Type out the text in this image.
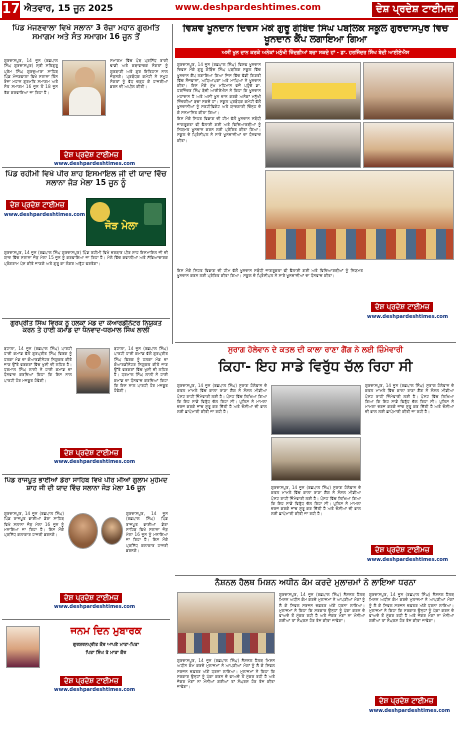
17 ਐਤਵਾਰ, 15 ਜੂਨ 2025	www.deshpardeshtimes.com	ਦੇਸ਼ ਪ੍ਰਦੇਸ਼ ਟਾਈਮਜ਼
ਪਿੰਡ ਮੰਜਣਵਾਲਾ ਵਿਖੇ ਸਲਾਨਾ 3 ਰੋਜ਼ਾ ਮਹਾਨ ਗੁਰਮਤਿ ਸਮਾਗਮ ਅਤੇ ਸੰਤ ਸਮਾਗਮ 16 ਜੂਨ ਤੋਂ

ਗੁਰਦਾਸਪੁਰ, 14 ਜੂਨ (ਰਛਪਾਲ ਸਿੰਘ ਗੁਰਦਾਸਪੁਰ) ਸ਼੍ਰੀ ਸਤਿਗੁਰੂ ਪ੍ਰੇਮ ਸਿੰਘ ਗੁਰਦੁਆਰਾ ਸਾਹਿਬ ਪਿੰਡ ਮੰਜਣਵਾਲਾ ਵਿਖੇ ਸਲਾਨਾ ਤਿੰਨ ਰੋਜ਼ਾ ਮਹਾਨ ਗੁਰਮਤਿ ਸਮਾਗਮ ਅਤੇ ਸੰਤ ਸਮਾਗਮ 16 ਜੂਨ ਤੋਂ 18 ਜੂਨ ਤੱਕ ਕਰਵਾਇਆ ਜਾ ਰਿਹਾ ਹੈ।

ਸਮਾਗਮ ਵਿੱਚ ਪੰਥ ਪ੍ਰਸਿੱਧ ਰਾਗੀ ਢਾਡੀ ਅਤੇ ਕਥਾਵਾਚਕ ਸੰਗਤਾਂ ਨੂੰ ਗੁਰਬਾਣੀ ਅਤੇ ਗੁਰ ਇਤਿਹਾਸ ਨਾਲ ਜੋੜਨਗੇ। ਪ੍ਰਬੰਧਕ ਕਮੇਟੀ ਨੇ ਸਮੂਹ ਸੰਗਤਾਂ ਨੂੰ ਵੱਧ ਚੜ੍ਹ ਕੇ ਹਾਜ਼ਰੀਆਂ ਭਰਨ ਦੀ ਅਪੀਲ ਕੀਤੀ।

ਦੇਸ਼ ਪ੍ਰਦੇਸ਼ ਟਾਈਮਜ਼
www.deshpardeshtimes.com
ਪਿੰਡ ਰਹੀਮੀ ਵਿਖੇ ਪੀਰ ਸ਼ਾਹ ਇਸਮਾਇਲ ਜੀ ਦੀ ਯਾਦ ਵਿੱਚ ਸਲਾਨਾ ਜੋੜ ਮੇਲਾ 15 ਜੂਨ ਨੂੰ
ਦੇਸ਼ ਪ੍ਰਦੇਸ਼ ਟਾਈਮਜ਼
www.deshpardeshtimes.com
ਜੋੜ ਮੇਲਾ

ਗੁਰਦਾਸਪੁਰ, 14 ਜੂਨ (ਰਛਪਾਲ ਸਿੰਘ ਗੁਰਦਾਸਪੁਰ) ਪਿੰਡ ਰਹੀਮੀ ਵਿਖੇ ਦਰਬਾਰ ਪੀਰ ਸ਼ਾਹ ਇਸਮਾਇਲ ਜੀ ਦੀ ਯਾਦ ਵਿੱਚ ਸਲਾਨਾ ਜੋੜ ਮੇਲਾ 15 ਜੂਨ ਨੂੰ ਕਰਵਾਇਆ ਜਾ ਰਿਹਾ ਹੈ। ਮੇਲੇ ਵਿੱਚ ਕਵਾਲੀਆਂ ਅਤੇ ਸੱਭਿਆਚਾਰਕ ਪ੍ਰੋਗਰਾਮ ਪੇਸ਼ ਕੀਤੇ ਜਾਣਗੇ ਅਤੇ ਗੁਰੂ ਕਾ ਲੰਗਰ ਅਤੁੱਟ ਵਰਤੇਗਾ।

ਗੁਰਪ੍ਰੀਤ ਸਿੰਘ ਵਿਰਕ ਨੂੰ ਹਲਕਾ ਮੰਡ ਦਾ ਕੋਆਰਡੀਨੇਟਰ ਨਿਯੁਕਤ ਕਰਨ ਤੇ ਹਾਈ ਕਮਾਂਡ ਦਾ ਧੰਨਵਾਦ-ਧਰਮਾਲ ਸਿੰਘ ਲਾਲੀ

ਬਟਾਲਾ, 14 ਜੂਨ (ਰਛਪਾਲ ਸਿੰਘ) ਪਾਰਟੀ ਹਾਈ ਕਮਾਂਡ ਵੱਲੋਂ ਗੁਰਪ੍ਰੀਤ ਸਿੰਘ ਵਿਰਕ ਨੂੰ ਹਲਕਾ ਮੰਡ ਦਾ ਕੋਆਰਡੀਨੇਟਰ ਨਿਯੁਕਤ ਕੀਤੇ ਜਾਣ ਉੱਤੇ ਵਰਕਰਾਂ ਵਿੱਚ ਖੁਸ਼ੀ ਦੀ ਲਹਿਰ ਹੈ। ਧਰਮਾਲ ਸਿੰਘ ਲਾਲੀ ਨੇ ਹਾਈ ਕਮਾਂਡ ਦਾ ਧੰਨਵਾਦ ਕਰਦਿਆਂ ਕਿਹਾ ਕਿ ਇਸ ਨਾਲ ਪਾਰਟੀ ਹੋਰ ਮਜ਼ਬੂਤ ਹੋਵੇਗੀ।

ਬਟਾਲਾ, 14 ਜੂਨ (ਰਛਪਾਲ ਸਿੰਘ) ਪਾਰਟੀ ਹਾਈ ਕਮਾਂਡ ਵੱਲੋਂ ਗੁਰਪ੍ਰੀਤ ਸਿੰਘ ਵਿਰਕ ਨੂੰ ਹਲਕਾ ਮੰਡ ਦਾ ਕੋਆਰਡੀਨੇਟਰ ਨਿਯੁਕਤ ਕੀਤੇ ਜਾਣ ਉੱਤੇ ਵਰਕਰਾਂ ਵਿੱਚ ਖੁਸ਼ੀ ਦੀ ਲਹਿਰ ਹੈ। ਧਰਮਾਲ ਸਿੰਘ ਲਾਲੀ ਨੇ ਹਾਈ ਕਮਾਂਡ ਦਾ ਧੰਨਵਾਦ ਕਰਦਿਆਂ ਕਿਹਾ ਕਿ ਇਸ ਨਾਲ ਪਾਰਟੀ ਹੋਰ ਮਜ਼ਬੂਤ ਹੋਵੇਗੀ।

ਦੇਸ਼ ਪ੍ਰਦੇਸ਼ ਟਾਈਮਜ਼
www.deshpardeshtimes.com
ਪਿੰਡ ਰਾਜਪੂਤ ਭਾਈਆਂ ਡੇਰਾ ਸਾਹਿਬ ਵਿਖੇ ਪੀਰ ਮੀਆਂ ਗੁਲਾਮ ਮੁਹੰਮਦ ਸ਼ਾਹ ਜੀ ਦੀ ਯਾਦ ਵਿੱਚ ਸਲਾਨਾ ਜੋੜ ਮੇਲਾ 16 ਜੂਨ

ਗੁਰਦਾਸਪੁਰ, 14 ਜੂਨ (ਰਛਪਾਲ ਸਿੰਘ) ਪਿੰਡ ਰਾਜਪੂਤ ਭਾਈਆਂ ਡੇਰਾ ਸਾਹਿਬ ਵਿਖੇ ਸਲਾਨਾ ਜੋੜ ਮੇਲਾ 16 ਜੂਨ ਨੂੰ ਮਨਾਇਆ ਜਾ ਰਿਹਾ ਹੈ। ਇਸ ਮੌਕੇ ਪ੍ਰਸਿੱਧ ਕਲਾਕਾਰ ਹਾਜ਼ਰੀ ਭਰਨਗੇ।

ਗੁਰਦਾਸਪੁਰ, 14 ਜੂਨ (ਰਛਪਾਲ ਸਿੰਘ) ਪਿੰਡ ਰਾਜਪੂਤ ਭਾਈਆਂ ਡੇਰਾ ਸਾਹਿਬ ਵਿਖੇ ਸਲਾਨਾ ਜੋੜ ਮੇਲਾ 16 ਜੂਨ ਨੂੰ ਮਨਾਇਆ ਜਾ ਰਿਹਾ ਹੈ। ਇਸ ਮੌਕੇ ਪ੍ਰਸਿੱਧ ਕਲਾਕਾਰ ਹਾਜ਼ਰੀ ਭਰਨਗੇ।

ਦੇਸ਼ ਪ੍ਰਦੇਸ਼ ਟਾਈਮਜ਼
www.deshpardeshtimes.com
ਜਨਮ ਦਿਨ ਮੁਬਾਰਕ
ਗੁਰਸ਼ਰਨਪ੍ਰੀਤ ਕੌਰ ਆਪਣੇ ਮਾਤਾ-ਪਿਤਾ
ਪਿਤਾ ਸਿੰਘ ਤੇ ਮਾਤਾ ਕੌਰ
ਦੇਸ਼ ਪ੍ਰਦੇਸ਼ ਟਾਈਮਜ਼
www.deshpardeshtimes.com
ਵਿਸ਼ਵ ਖੂਨਦਾਨ ਦਿਵਸ ਮੌਕੇ ਗੁਰੂ ਗੋਬਿੰਦ ਸਿੰਘ ਪਬਲਿਕ ਸਕੂਲ ਗੁਰਦਾਸਪੁਰ ਵਿਚ ਖੂਨਦਾਨ ਕੈਂਪ ਲਗਾਇਆ ਗਿਆ
ਅਸੀਂ ਖੂਨ ਦਾਨ ਕਰਕੇ ਅਨੇਕਾਂ ਮਨੁੱਖੀ ਜ਼ਿੰਦਗੀਆਂ ਬਚਾ ਸਕਦੇ ਹਾਂ - ਡਾ. ਹਰਜਿੰਦਰ ਸਿੰਘ ਬੇਦੀ ਆਈਏਐਸ

ਗੁਰਦਾਸਪੁਰ, 14 ਜੂਨ (ਰਛਪਾਲ ਸਿੰਘ) ਵਿਸ਼ਵ ਖੂਨਦਾਨ ਦਿਵਸ ਮੌਕੇ ਗੁਰੂ ਗੋਬਿੰਦ ਸਿੰਘ ਪਬਲਿਕ ਸਕੂਲ ਵਿੱਚ ਖੂਨਦਾਨ ਕੈਂਪ ਲਗਾਇਆ ਗਿਆ ਜਿਸ ਵਿੱਚ ਵੱਡੀ ਗਿਣਤੀ ਵਿੱਚ ਨੌਜਵਾਨਾਂ, ਅਧਿਆਪਕਾਂ ਅਤੇ ਮਾਪਿਆਂ ਨੇ ਖੂਨਦਾਨ ਕੀਤਾ। ਇਸ ਮੌਕੇ ਮੁੱਖ ਮਹਿਮਾਨ ਵਜੋਂ ਪਹੁੰਚੇ ਡਾ. ਹਰਜਿੰਦਰ ਸਿੰਘ ਬੇਦੀ ਆਈਏਐਸ ਨੇ ਕਿਹਾ ਕਿ ਖੂਨਦਾਨ ਮਹਾਂਦਾਨ ਹੈ ਅਤੇ ਅਸੀਂ ਖੂਨ ਦਾਨ ਕਰਕੇ ਅਨੇਕਾਂ ਮਨੁੱਖੀ ਜ਼ਿੰਦਗੀਆਂ ਬਚਾ ਸਕਦੇ ਹਾਂ। ਸਕੂਲ ਪ੍ਰਬੰਧਕ ਕਮੇਟੀ ਵੱਲੋਂ ਖੂਨਦਾਨੀਆਂ ਨੂੰ ਸਰਟੀਫਿਕੇਟ ਅਤੇ ਯਾਦਗਾਰੀ ਚਿੰਨ੍ਹ ਦੇ ਕੇ ਸਨਮਾਨਿਤ ਕੀਤਾ ਗਿਆ।

ਇਸ ਮੌਕੇ ਸਿਹਤ ਵਿਭਾਗ ਦੀ ਟੀਮ ਵੱਲੋਂ ਖੂਨਦਾਨ ਸਬੰਧੀ ਜਾਗਰੂਕਤਾ ਵੀ ਫੈਲਾਈ ਗਈ ਅਤੇ ਵਿਦਿਆਰਥੀਆਂ ਨੂੰ ਨਿਯਮਤ ਖੂਨਦਾਨ ਕਰਨ ਲਈ ਪ੍ਰੇਰਿਤ ਕੀਤਾ ਗਿਆ। ਸਕੂਲ ਦੇ ਪ੍ਰਿੰਸੀਪਲ ਨੇ ਸਾਰੇ ਖੂਨਦਾਨੀਆਂ ਦਾ ਧੰਨਵਾਦ ਕੀਤਾ।

ਇਸ ਮੌਕੇ ਸਿਹਤ ਵਿਭਾਗ ਦੀ ਟੀਮ ਵੱਲੋਂ ਖੂਨਦਾਨ ਸਬੰਧੀ ਜਾਗਰੂਕਤਾ ਵੀ ਫੈਲਾਈ ਗਈ ਅਤੇ ਵਿਦਿਆਰਥੀਆਂ ਨੂੰ ਨਿਯਮਤ ਖੂਨਦਾਨ ਕਰਨ ਲਈ ਪ੍ਰੇਰਿਤ ਕੀਤਾ ਗਿਆ। ਸਕੂਲ ਦੇ ਪ੍ਰਿੰਸੀਪਲ ਨੇ ਸਾਰੇ ਖੂਨਦਾਨੀਆਂ ਦਾ ਧੰਨਵਾਦ ਕੀਤਾ।

ਦੇਸ਼ ਪ੍ਰਦੇਸ਼ ਟਾਈਮਜ਼
www.deshpardeshtimes.com
ਸੁਰਾਗ ਹੋਲੇਵਾਨ ਦੇ ਕਤਲ ਦੀ ਕਾਲਾ ਰਾਣਾ ਗੈਂਗ ਨੇ ਲਈ ਜ਼ਿੰਮੇਵਾਰੀ
ਕਿਹਾ- ਇਹ ਸਾਡੇ ਵਿਰੁੱਧ ਚੱਲ ਰਿਹਾ ਸੀ

ਗੁਰਦਾਸਪੁਰ, 14 ਜੂਨ (ਰਛਪਾਲ ਸਿੰਘ) ਸੁਰਾਗ ਹੋਲੇਵਾਨ ਦੇ ਕਤਲ ਮਾਮਲੇ ਵਿੱਚ ਕਾਲਾ ਰਾਣਾ ਗੈਂਗ ਨੇ ਸੋਸ਼ਲ ਮੀਡੀਆ ਪੋਸਟ ਰਾਹੀਂ ਜ਼ਿੰਮੇਵਾਰੀ ਲਈ ਹੈ। ਪੋਸਟ ਵਿੱਚ ਲਿਖਿਆ ਗਿਆ ਕਿ ਇਹ ਸਾਡੇ ਵਿਰੁੱਧ ਚੱਲ ਰਿਹਾ ਸੀ। ਪੁਲਿਸ ਨੇ ਮਾਮਲਾ ਦਰਜ ਕਰਕੇ ਜਾਂਚ ਸ਼ੁਰੂ ਕਰ ਦਿੱਤੀ ਹੈ ਅਤੇ ਦੋਸ਼ੀਆਂ ਦੀ ਭਾਲ ਲਈ ਛਾਪੇਮਾਰੀ ਕੀਤੀ ਜਾ ਰਹੀ ਹੈ।

ਗੁਰਦਾਸਪੁਰ, 14 ਜੂਨ (ਰਛਪਾਲ ਸਿੰਘ) ਸੁਰਾਗ ਹੋਲੇਵਾਨ ਦੇ ਕਤਲ ਮਾਮਲੇ ਵਿੱਚ ਕਾਲਾ ਰਾਣਾ ਗੈਂਗ ਨੇ ਸੋਸ਼ਲ ਮੀਡੀਆ ਪੋਸਟ ਰਾਹੀਂ ਜ਼ਿੰਮੇਵਾਰੀ ਲਈ ਹੈ। ਪੋਸਟ ਵਿੱਚ ਲਿਖਿਆ ਗਿਆ ਕਿ ਇਹ ਸਾਡੇ ਵਿਰੁੱਧ ਚੱਲ ਰਿਹਾ ਸੀ। ਪੁਲਿਸ ਨੇ ਮਾਮਲਾ ਦਰਜ ਕਰਕੇ ਜਾਂਚ ਸ਼ੁਰੂ ਕਰ ਦਿੱਤੀ ਹੈ ਅਤੇ ਦੋਸ਼ੀਆਂ ਦੀ ਭਾਲ ਲਈ ਛਾਪੇਮਾਰੀ ਕੀਤੀ ਜਾ ਰਹੀ ਹੈ।

ਗੁਰਦਾਸਪੁਰ, 14 ਜੂਨ (ਰਛਪਾਲ ਸਿੰਘ) ਸੁਰਾਗ ਹੋਲੇਵਾਨ ਦੇ ਕਤਲ ਮਾਮਲੇ ਵਿੱਚ ਕਾਲਾ ਰਾਣਾ ਗੈਂਗ ਨੇ ਸੋਸ਼ਲ ਮੀਡੀਆ ਪੋਸਟ ਰਾਹੀਂ ਜ਼ਿੰਮੇਵਾਰੀ ਲਈ ਹੈ। ਪੋਸਟ ਵਿੱਚ ਲਿਖਿਆ ਗਿਆ ਕਿ ਇਹ ਸਾਡੇ ਵਿਰੁੱਧ ਚੱਲ ਰਿਹਾ ਸੀ। ਪੁਲਿਸ ਨੇ ਮਾਮਲਾ ਦਰਜ ਕਰਕੇ ਜਾਂਚ ਸ਼ੁਰੂ ਕਰ ਦਿੱਤੀ ਹੈ ਅਤੇ ਦੋਸ਼ੀਆਂ ਦੀ ਭਾਲ ਲਈ ਛਾਪੇਮਾਰੀ ਕੀਤੀ ਜਾ ਰਹੀ ਹੈ।

ਦੇਸ਼ ਪ੍ਰਦੇਸ਼ ਟਾਈਮਜ਼
www.deshpardeshtimes.com
ਨੈਸ਼ਨਲ ਹੈਲਥ ਮਿਸ਼ਨ ਅਧੀਨ ਕੰਮ ਕਰਦੇ ਮੁਲਾਜ਼ਮਾਂ ਨੇ ਲਾਇਆ ਧਰਨਾ

ਗੁਰਦਾਸਪੁਰ, 14 ਜੂਨ (ਰਛਪਾਲ ਸਿੰਘ) ਨੈਸ਼ਨਲ ਹੈਲਥ ਮਿਸ਼ਨ ਅਧੀਨ ਕੰਮ ਕਰਦੇ ਮੁਲਾਜ਼ਮਾਂ ਨੇ ਆਪਣੀਆਂ ਮੰਗਾਂ ਨੂੰ ਲੈ ਕੇ ਸਿਵਲ ਸਰਜਨ ਦਫ਼ਤਰ ਅੱਗੇ ਧਰਨਾ ਲਾਇਆ। ਮੁਲਾਜ਼ਮਾਂ ਨੇ ਕਿਹਾ ਕਿ ਸਰਕਾਰ ਉਨ੍ਹਾਂ ਨੂੰ ਪੱਕਾ ਕਰਨ ਦੇ ਵਾਅਦੇ ਤੋਂ ਮੁੱਕਰ ਰਹੀ ਹੈ ਅਤੇ ਜੇਕਰ ਮੰਗਾਂ ਨਾ ਮੰਨੀਆਂ ਗਈਆਂ ਤਾਂ ਸੰਘਰਸ਼ ਹੋਰ ਤੇਜ਼ ਕੀਤਾ ਜਾਵੇਗਾ।

ਗੁਰਦਾਸਪੁਰ, 14 ਜੂਨ (ਰਛਪਾਲ ਸਿੰਘ) ਨੈਸ਼ਨਲ ਹੈਲਥ ਮਿਸ਼ਨ ਅਧੀਨ ਕੰਮ ਕਰਦੇ ਮੁਲਾਜ਼ਮਾਂ ਨੇ ਆਪਣੀਆਂ ਮੰਗਾਂ ਨੂੰ ਲੈ ਕੇ ਸਿਵਲ ਸਰਜਨ ਦਫ਼ਤਰ ਅੱਗੇ ਧਰਨਾ ਲਾਇਆ। ਮੁਲਾਜ਼ਮਾਂ ਨੇ ਕਿਹਾ ਕਿ ਸਰਕਾਰ ਉਨ੍ਹਾਂ ਨੂੰ ਪੱਕਾ ਕਰਨ ਦੇ ਵਾਅਦੇ ਤੋਂ ਮੁੱਕਰ ਰਹੀ ਹੈ ਅਤੇ ਜੇਕਰ ਮੰਗਾਂ ਨਾ ਮੰਨੀਆਂ ਗਈਆਂ ਤਾਂ ਸੰਘਰਸ਼ ਹੋਰ ਤੇਜ਼ ਕੀਤਾ ਜਾਵੇਗਾ।

ਗੁਰਦਾਸਪੁਰ, 14 ਜੂਨ (ਰਛਪਾਲ ਸਿੰਘ) ਨੈਸ਼ਨਲ ਹੈਲਥ ਮਿਸ਼ਨ ਅਧੀਨ ਕੰਮ ਕਰਦੇ ਮੁਲਾਜ਼ਮਾਂ ਨੇ ਆਪਣੀਆਂ ਮੰਗਾਂ ਨੂੰ ਲੈ ਕੇ ਸਿਵਲ ਸਰਜਨ ਦਫ਼ਤਰ ਅੱਗੇ ਧਰਨਾ ਲਾਇਆ। ਮੁਲਾਜ਼ਮਾਂ ਨੇ ਕਿਹਾ ਕਿ ਸਰਕਾਰ ਉਨ੍ਹਾਂ ਨੂੰ ਪੱਕਾ ਕਰਨ ਦੇ ਵਾਅਦੇ ਤੋਂ ਮੁੱਕਰ ਰਹੀ ਹੈ ਅਤੇ ਜੇਕਰ ਮੰਗਾਂ ਨਾ ਮੰਨੀਆਂ ਗਈਆਂ ਤਾਂ ਸੰਘਰਸ਼ ਹੋਰ ਤੇਜ਼ ਕੀਤਾ ਜਾਵੇਗਾ।

ਦੇਸ਼ ਪ੍ਰਦੇਸ਼ ਟਾਈਮਜ਼
www.deshpardeshtimes.com
